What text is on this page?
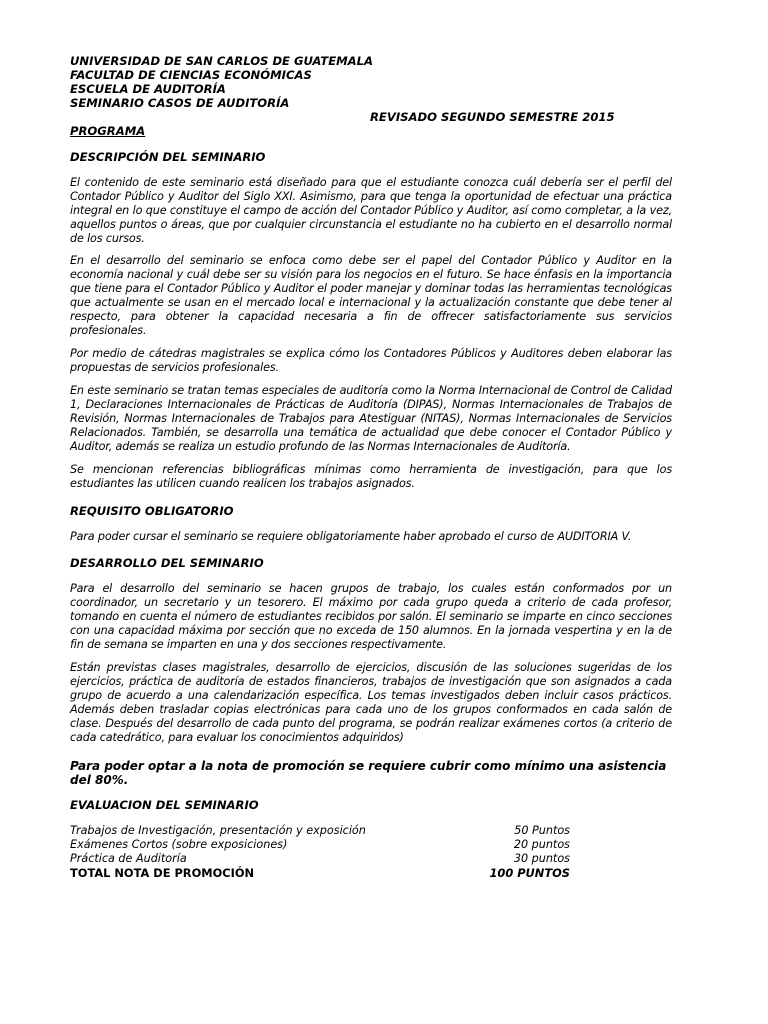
UNIVERSIDAD DE SAN CARLOS DE GUATEMALA

FACULTAD DE CIENCIAS ECONÓMICAS

ESCUELA DE AUDITORÍA

SEMINARIO CASOS DE AUDITORÍA

REVISADO SEGUNDO SEMESTRE 2015

PROGRAMA

DESCRIPCIÓN DEL SEMINARIO

El contenido de este seminario está diseñado para que el estudiante conozca cuál debería ser el perfil del Contador Público y Auditor del Siglo XXI. Asimismo, para que tenga la oportunidad de efectuar una práctica integral en lo que constituye el campo de acción del Contador Público y Auditor, así como completar, a la vez, aquellos puntos o áreas, que por cualquier circunstancia el estudiante no ha cubierto en el desarrollo normal de los cursos.

En el desarrollo del seminario se enfoca como debe ser el papel del Contador Público y Auditor en la economía nacional y cuál debe ser su visión para los negocios en el futuro. Se hace énfasis en la importancia que tiene para el Contador Público y Auditor el poder manejar y dominar todas las herramientas tecnológicas que actualmente se usan en el mercado local e internacional y la actualización constante que debe tener al respecto, para obtener la capacidad necesaria a fin de offrecer satisfactoriamente sus servicios profesionales.

Por medio de cátedras magistrales se explica cómo los Contadores Públicos y Auditores deben elaborar las propuestas de servicios profesionales.

En este seminario se tratan temas especiales de auditoría como la Norma Internacional de Control de Calidad 1, Declaraciones Internacionales de Prácticas de Auditoría (DIPAS), Normas Internacionales de Trabajos de Revisión, Normas Internacionales de Trabajos para Atestiguar (NITAS), Normas Internacionales de Servicios Relacionados. También, se desarrolla una temática de actualidad que debe conocer el Contador Público y Auditor, además se realiza un estudio profundo de las Normas Internacionales de Auditoría.

Se mencionan referencias bibliográficas mínimas como herramienta de investigación, para que los estudiantes las utilicen cuando realicen los trabajos asignados.

REQUISITO OBLIGATORIO

Para poder cursar el seminario se requiere obligatoriamente haber aprobado el curso de AUDITORIA V.

DESARROLLO DEL SEMINARIO

Para el desarrollo del seminario se hacen grupos de trabajo, los cuales están conformados por un coordinador, un secretario y un tesorero. El máximo por cada grupo queda a criterio de cada profesor, tomando en cuenta el número de estudiantes recibidos por salón. El seminario se imparte en cinco secciones con una capacidad máxima por sección que no exceda de 150 alumnos. En la jornada vespertina y en la de fin de semana se imparten en una y dos secciones respectivamente.

Están previstas clases magistrales, desarrollo de ejercicios, discusión de las soluciones sugeridas de los ejercicios, práctica de auditoría de estados financieros, trabajos de investigación que son asignados a cada grupo de acuerdo a una calendarización específica. Los temas investigados deben incluir casos prácticos. Además deben trasladar copias electrónicas para cada uno de los grupos conformados en cada salón de clase. Después del desarrollo de cada punto del programa, se podrán realizar exámenes cortos (a criterio de cada catedrático, para evaluar los conocimientos adquiridos)

Para poder optar a la nota de promoción se requiere cubrir como mínimo una asistencia del 80%.

EVALUACION DEL SEMINARIO

Trabajos de Investigación, presentación y exposición	50 Puntos
Exámenes Cortos (sobre exposiciones)	20 puntos
Práctica de Auditoría	30 puntos
TOTAL NOTA DE PROMOCIÓN	100 PUNTOS
